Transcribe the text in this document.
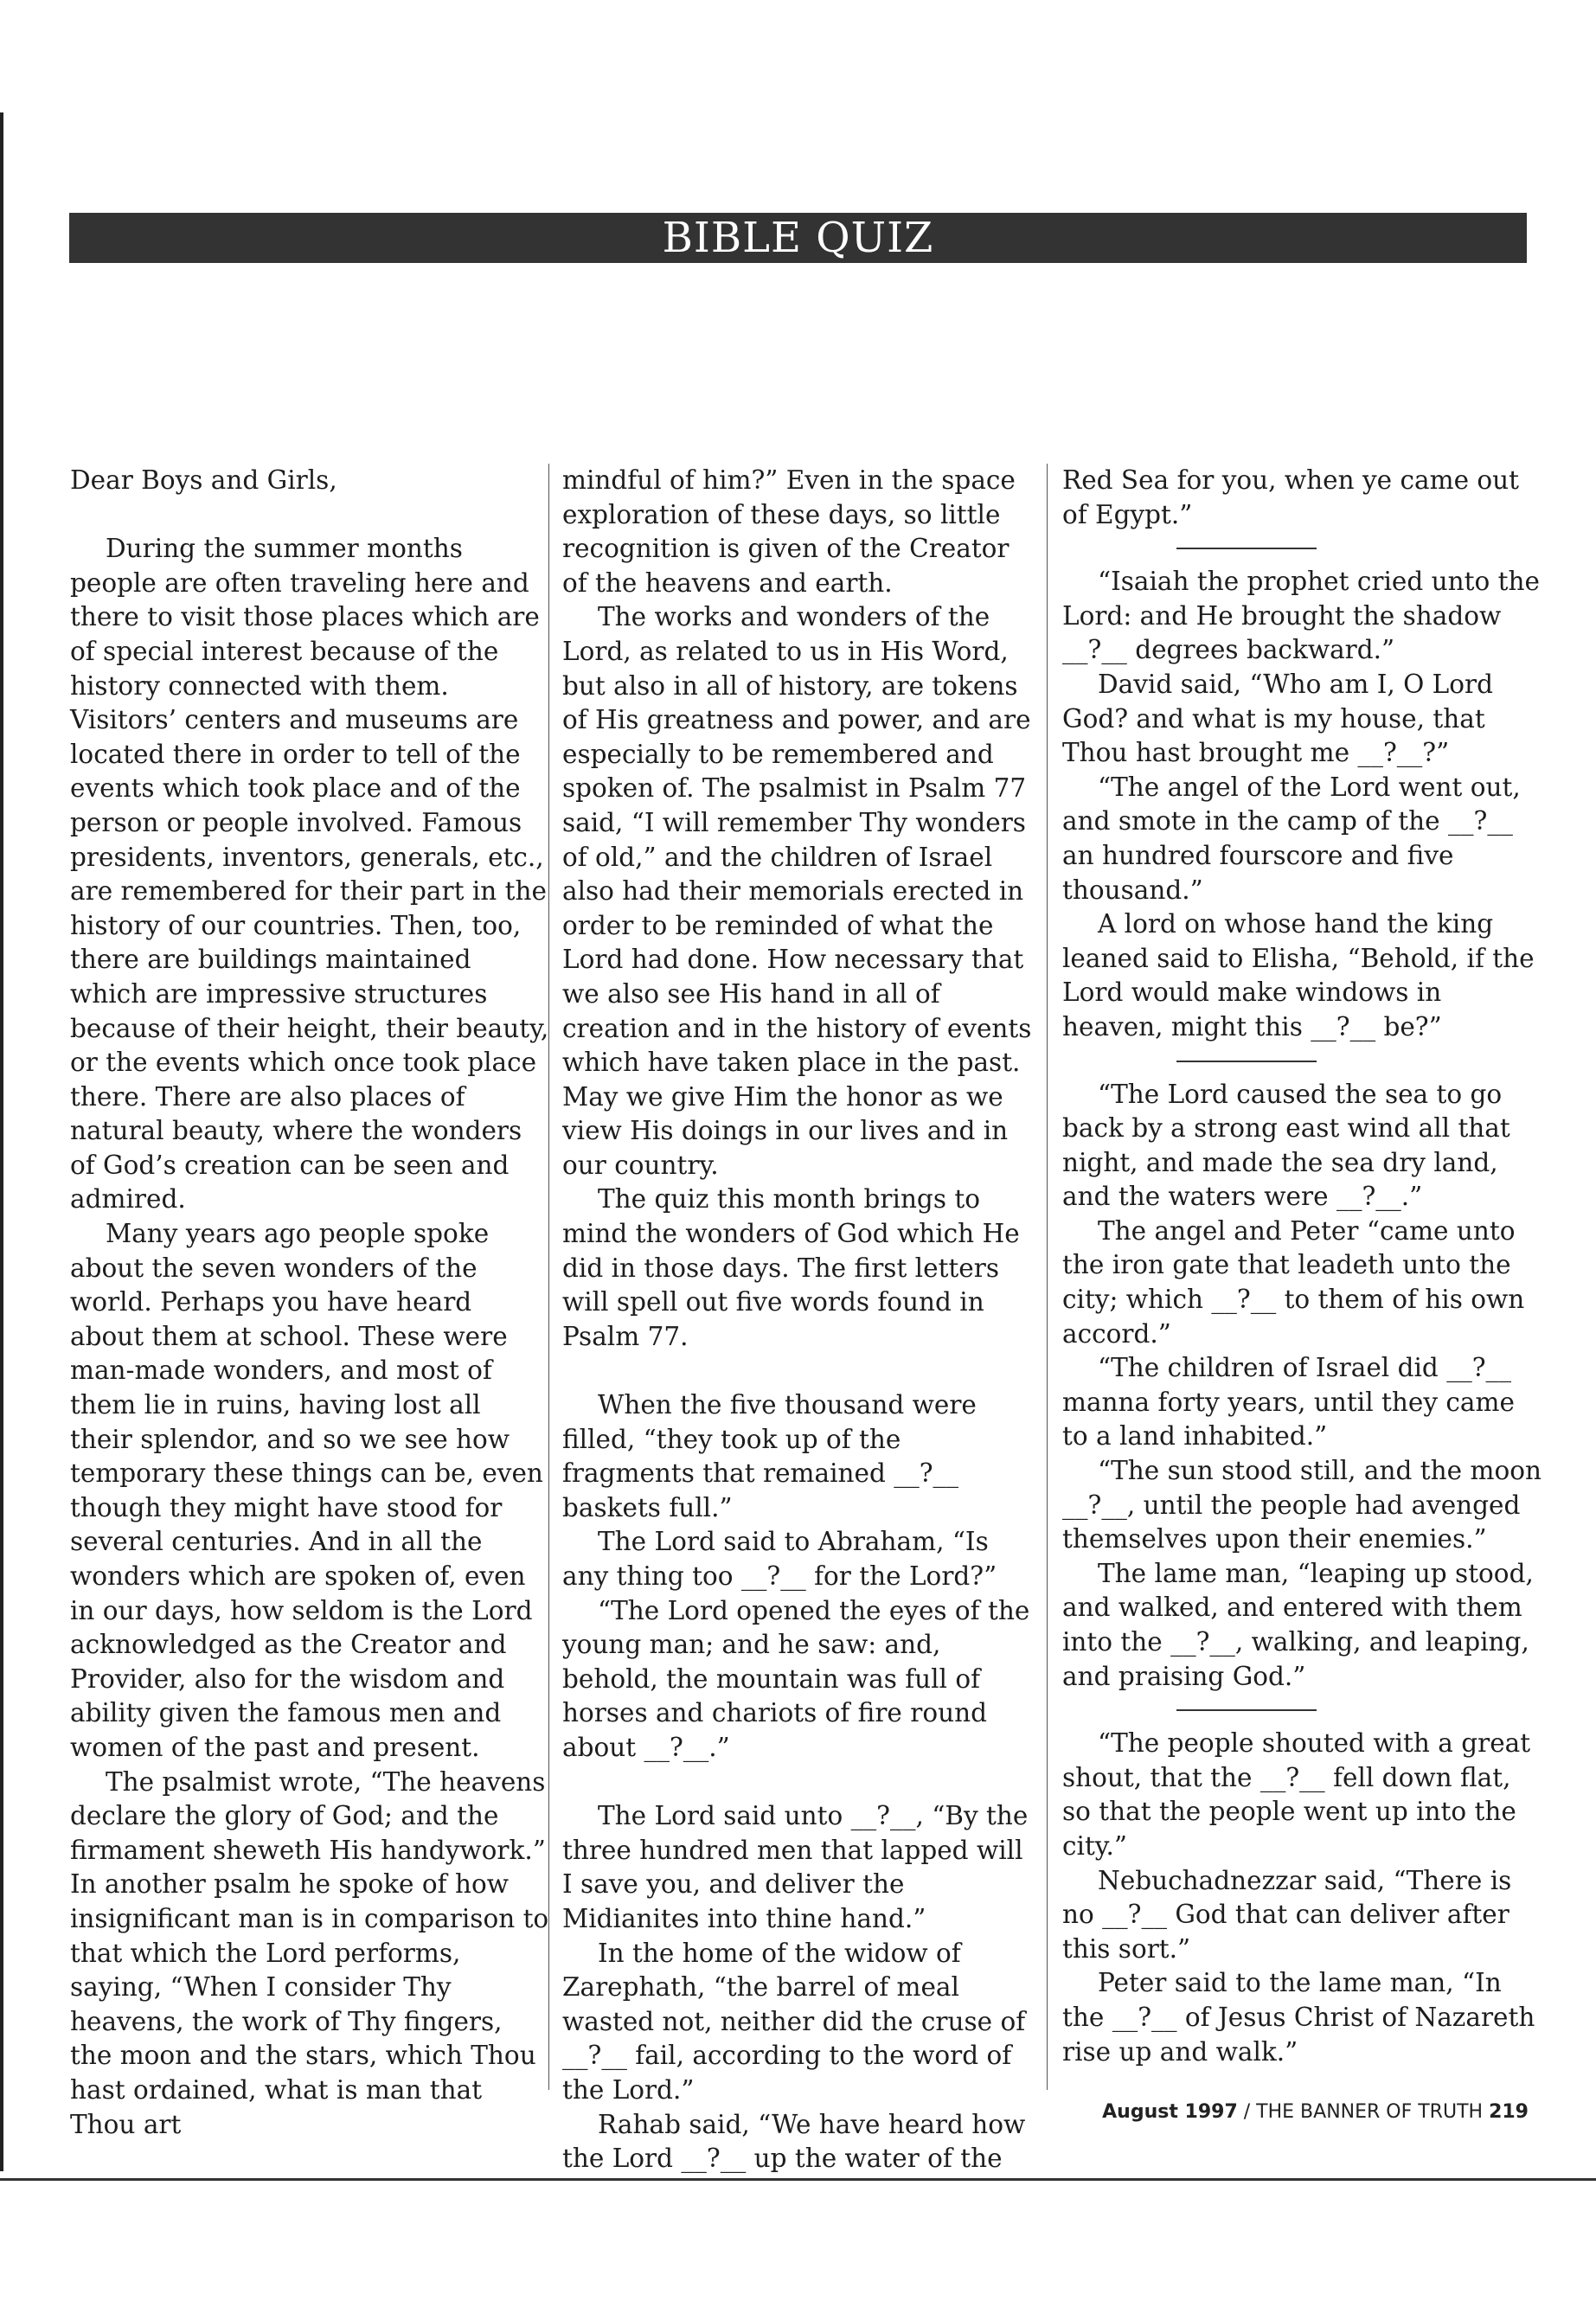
BIBLE QUIZ

Dear Boys and Girls,

During the summer months people are often traveling here and there to visit those places which are of special interest because of the history connected with them. Visitors’ centers and museums are located there in order to tell of the events which took place and of the person or people involved. Famous presidents, inventors, generals, etc., are remembered for their part in the history of our countries. Then, too, there are buildings maintained which are impressive structures because of their height, their beauty, or the events which once took place there. There are also places of natural beauty, where the wonders of God’s creation can be seen and admired.

Many years ago people spoke about the seven wonders of the world. Perhaps you have heard about them at school. These were man-made wonders, and most of them lie in ruins, having lost all their splendor, and so we see how temporary these things can be, even though they might have stood for several centuries. And in all the wonders which are spoken of, even in our days, how seldom is the Lord acknowledged as the Creator and Provider, also for the wisdom and ability given the famous men and women of the past and present.

The psalmist wrote, “The heavens declare the glory of God; and the firmament sheweth His handywork.” In another psalm he spoke of how insignificant man is in comparison to that which the Lord performs, saying, “When I consider Thy heavens, the work of Thy fingers, the moon and the stars, which Thou hast ordained, what is man that Thou art

mindful of him?” Even in the space exploration of these days, so little recognition is given of the Creator of the heavens and earth.

The works and wonders of the Lord, as related to us in His Word, but also in all of history, are tokens of His greatness and power, and are especially to be remembered and spoken of. The psalmist in Psalm 77 said, “I will remember Thy wonders of old,” and the children of Israel also had their memorials erected in order to be reminded of what the Lord had done. How necessary that we also see His hand in all of creation and in the history of events which have taken place in the past. May we give Him the honor as we view His doings in our lives and in our country.

The quiz this month brings to mind the wonders of God which He did in those days. The first letters will spell out five words found in Psalm 77.

When the five thousand were filled, “they took up of the fragments that remained __?__ baskets full.”

The Lord said to Abraham, “Is any thing too __?__ for the Lord?”

“The Lord opened the eyes of the young man; and he saw: and, behold, the mountain was full of horses and chariots of fire round about __?__.”

The Lord said unto __?__, “By the three hundred men that lapped will I save you, and deliver the Midianites into thine hand.”

In the home of the widow of Zarephath, “the barrel of meal wasted not, neither did the cruse of __?__ fail, according to the word of the Lord.”

Rahab said, “We have heard how the Lord __?__ up the water of the

Red Sea for you, when ye came out of Egypt.”

“Isaiah the prophet cried unto the Lord: and He brought the shadow __?__ degrees backward.”

David said, “Who am I, O Lord God? and what is my house, that Thou hast brought me __?__?”

“The angel of the Lord went out, and smote in the camp of the __?__ an hundred fourscore and five thousand.”

A lord on whose hand the king leaned said to Elisha, “Behold, if the Lord would make windows in heaven, might this __?__ be?”

“The Lord caused the sea to go back by a strong east wind all that night, and made the sea dry land, and the waters were __?__.”

The angel and Peter “came unto the iron gate that leadeth unto the city; which __?__ to them of his own accord.”

“The children of Israel did __?__ manna forty years, until they came to a land inhabited.”

“The sun stood still, and the moon __?__, until the people had avenged themselves upon their enemies.”

The lame man, “leaping up stood, and walked, and entered with them into the __?__, walking, and leaping, and praising God.”

“The people shouted with a great shout, that the __?__ fell down flat, so that the people went up into the city.”

Nebuchadnezzar said, “There is no __?__ God that can deliver after this sort.”

Peter said to the lame man, “In the __?__ of Jesus Christ of Nazareth rise up and walk.”

August 1997 / THE BANNER OF TRUTH 219
